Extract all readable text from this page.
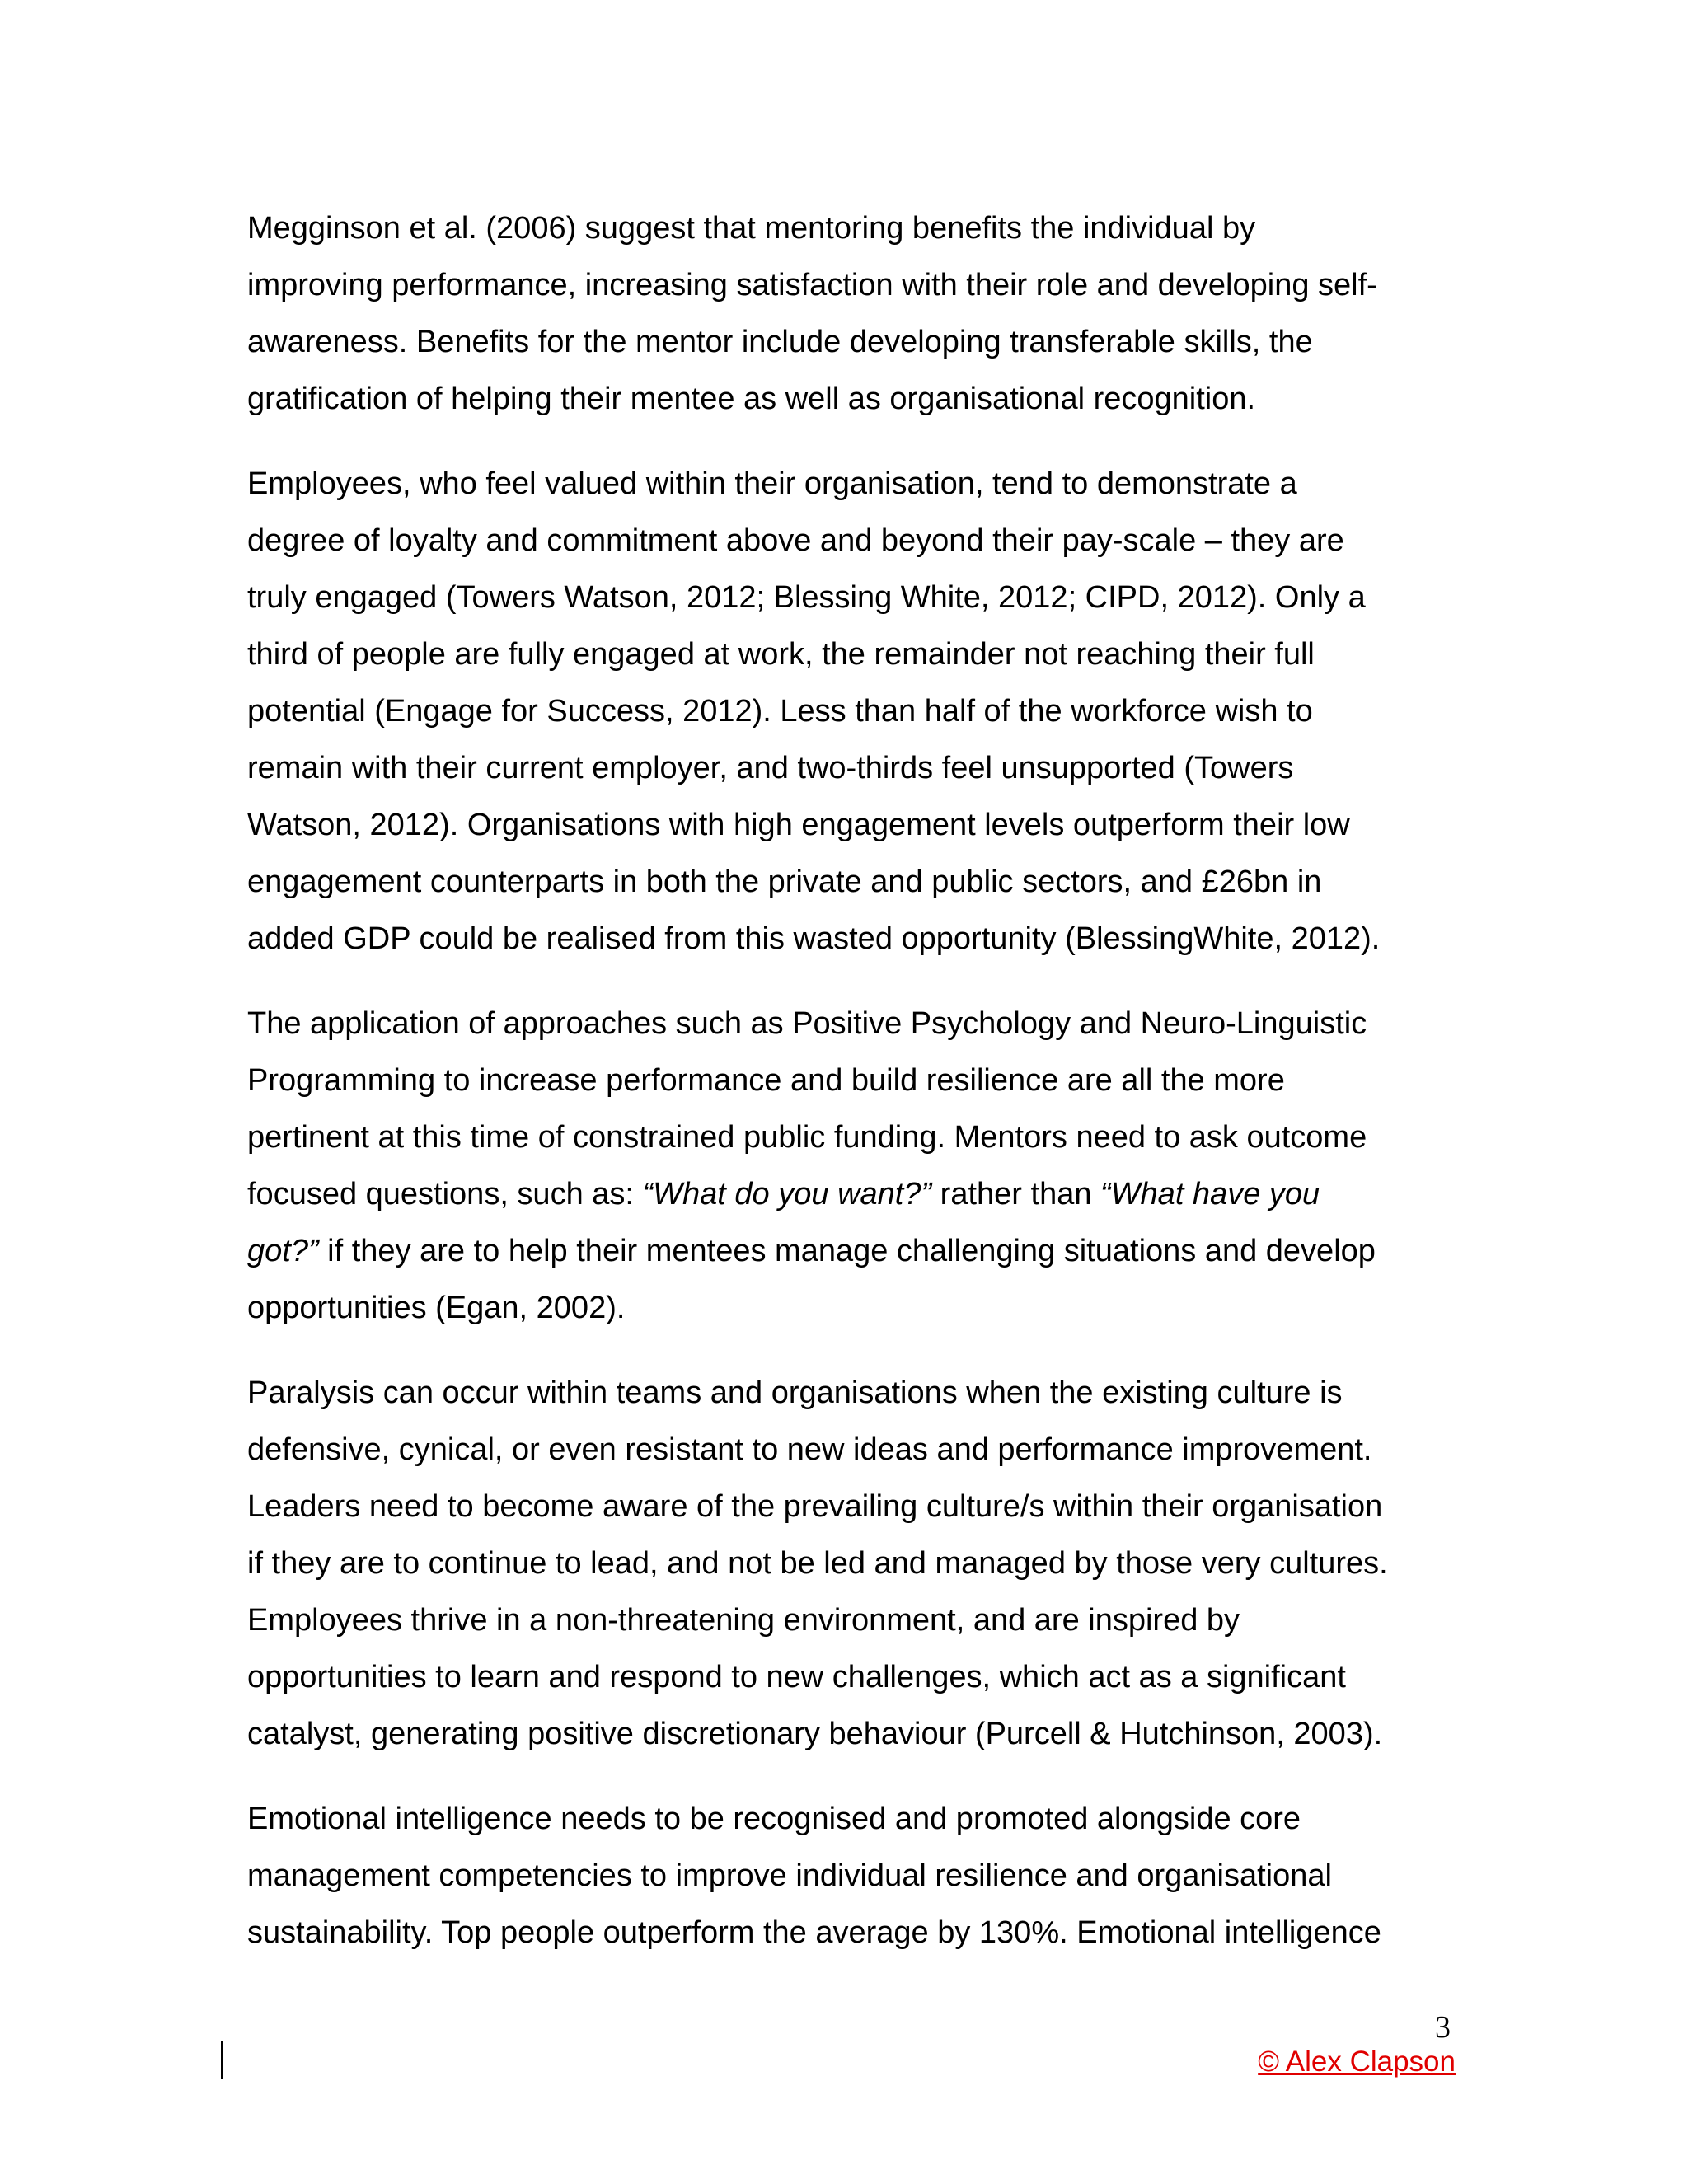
Megginson et al. (2006) suggest that mentoring benefits the individual by
improving performance, increasing satisfaction with their role and developing self-
awareness. Benefits for the mentor include developing transferable skills, the
gratification of helping their mentee as well as organisational recognition.

Employees, who feel valued within their organisation, tend to demonstrate a
degree of loyalty and commitment above and beyond their pay-scale – they are
truly engaged (Towers Watson, 2012; Blessing White, 2012; CIPD, 2012). Only a
third of people are fully engaged at work, the remainder not reaching their full
potential (Engage for Success, 2012). Less than half of the workforce wish to
remain with their current employer, and two-thirds feel unsupported (Towers
Watson, 2012). Organisations with high engagement levels outperform their low
engagement counterparts in both the private and public sectors, and £26bn in
added GDP could be realised from this wasted opportunity (BlessingWhite, 2012).

The application of approaches such as Positive Psychology and Neuro-Linguistic
Programming to increase performance and build resilience are all the more
pertinent at this time of constrained public funding. Mentors need to ask outcome
focused questions, such as: “What do you want?” rather than “What have you
got?” if they are to help their mentees manage challenging situations and develop
opportunities (Egan, 2002).

Paralysis can occur within teams and organisations when the existing culture is
defensive, cynical, or even resistant to new ideas and performance improvement.
Leaders need to become aware of the prevailing culture/s within their organisation
if they are to continue to lead, and not be led and managed by those very cultures.
Employees thrive in a non-threatening environment, and are inspired by
opportunities to learn and respond to new challenges, which act as a significant
catalyst, generating positive discretionary behaviour (Purcell & Hutchinson, 2003).

Emotional intelligence needs to be recognised and promoted alongside core
management competencies to improve individual resilience and organisational
sustainability. Top people outperform the average by 130%. Emotional intelligence

3
© Alex Clapson
